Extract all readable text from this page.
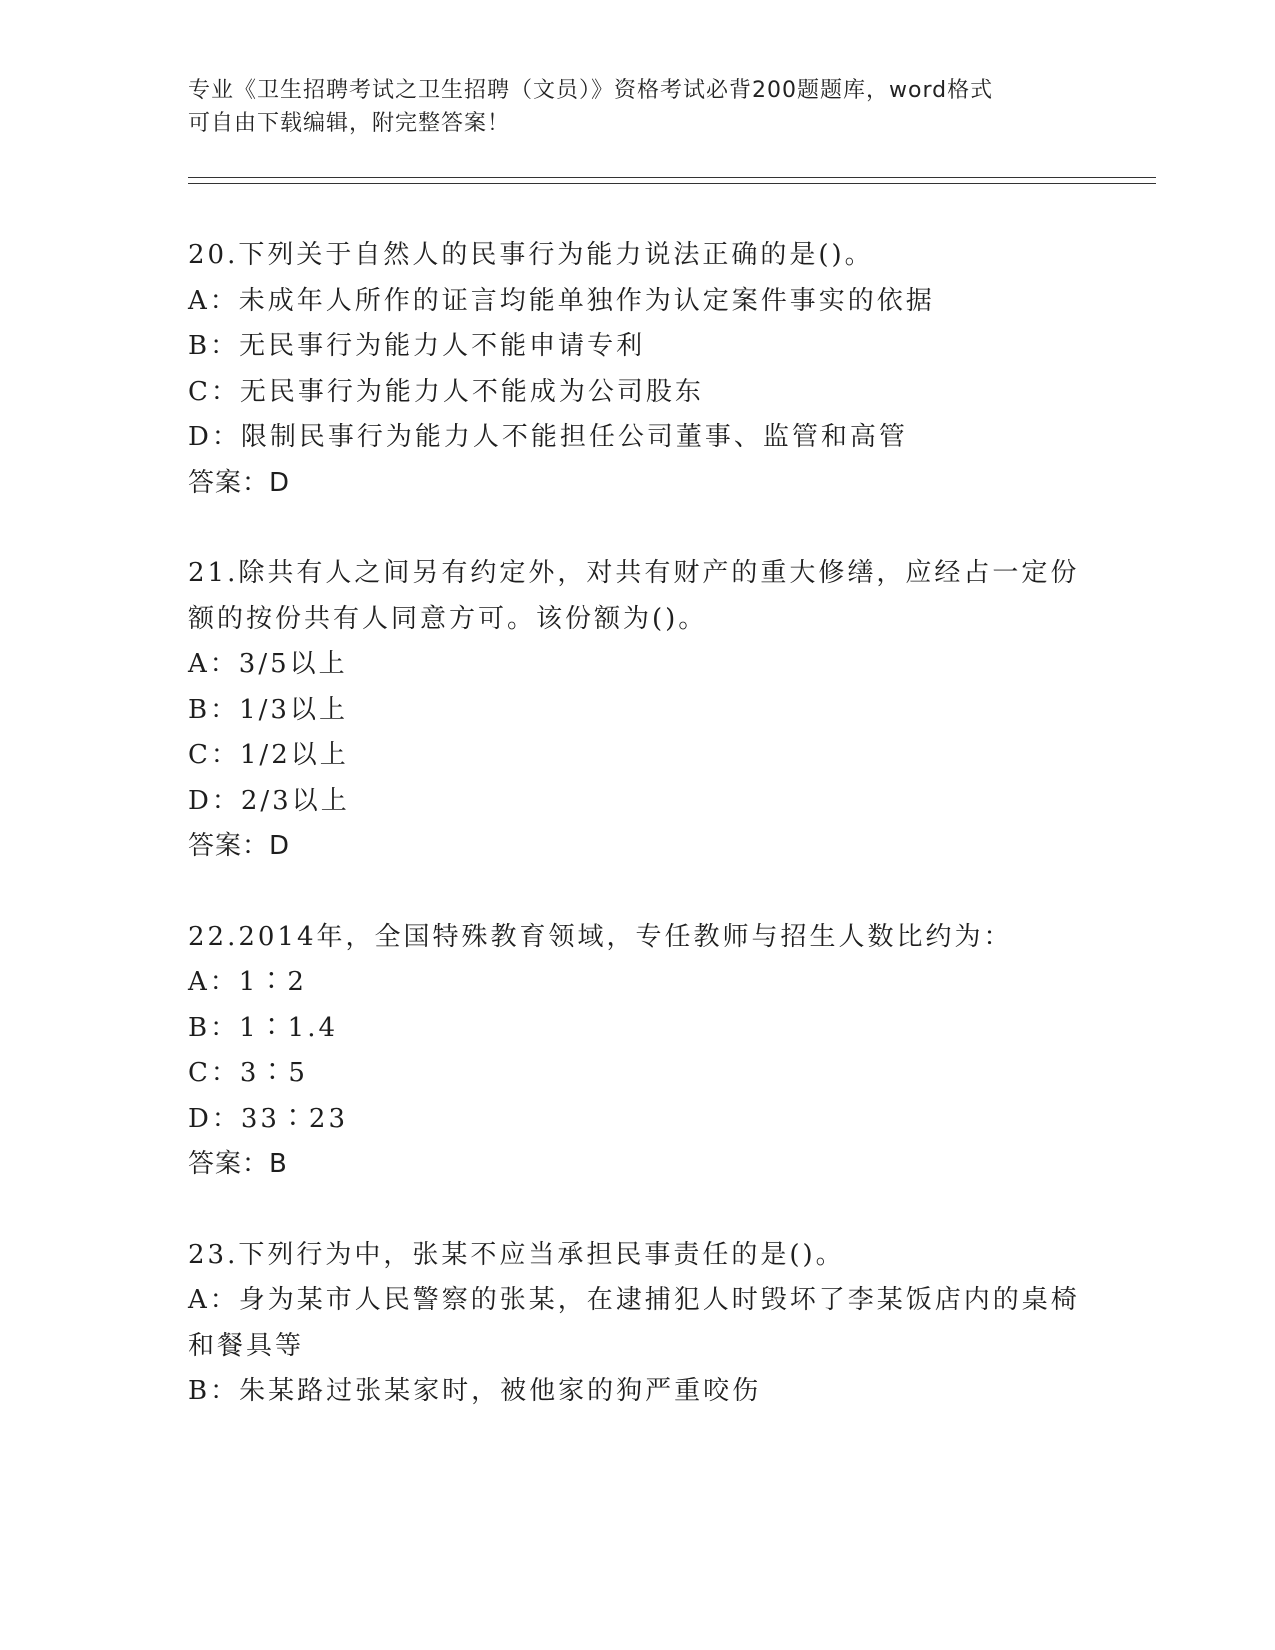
专业《卫生招聘考试之卫生招聘（文员）》资格考试必背200题题库，word格式
可自由下载编辑，附完整答案！
20.下列关于自然人的民事行为能力说法正确的是()。
A：未成年人所作的证言均能单独作为认定案件事实的依据
B：无民事行为能力人不能申请专利
C：无民事行为能力人不能成为公司股东
D：限制民事行为能力人不能担任公司董事、监管和高管
答案：D
21.除共有人之间另有约定外，对共有财产的重大修缮，应经占一定份
额的按份共有人同意方可。该份额为()。
A：3/5以上
B：1/3以上
C：1/2以上
D：2/3以上
答案：D
22.2014年，全国特殊教育领域，专任教师与招生人数比约为：
A：1∶2
B：1∶1.4
C：3∶5
D：33∶23
答案：B
23.下列行为中，张某不应当承担民事责任的是()。
A：身为某市人民警察的张某，在逮捕犯人时毁坏了李某饭店内的桌椅
和餐具等
B：朱某路过张某家时，被他家的狗严重咬伤
